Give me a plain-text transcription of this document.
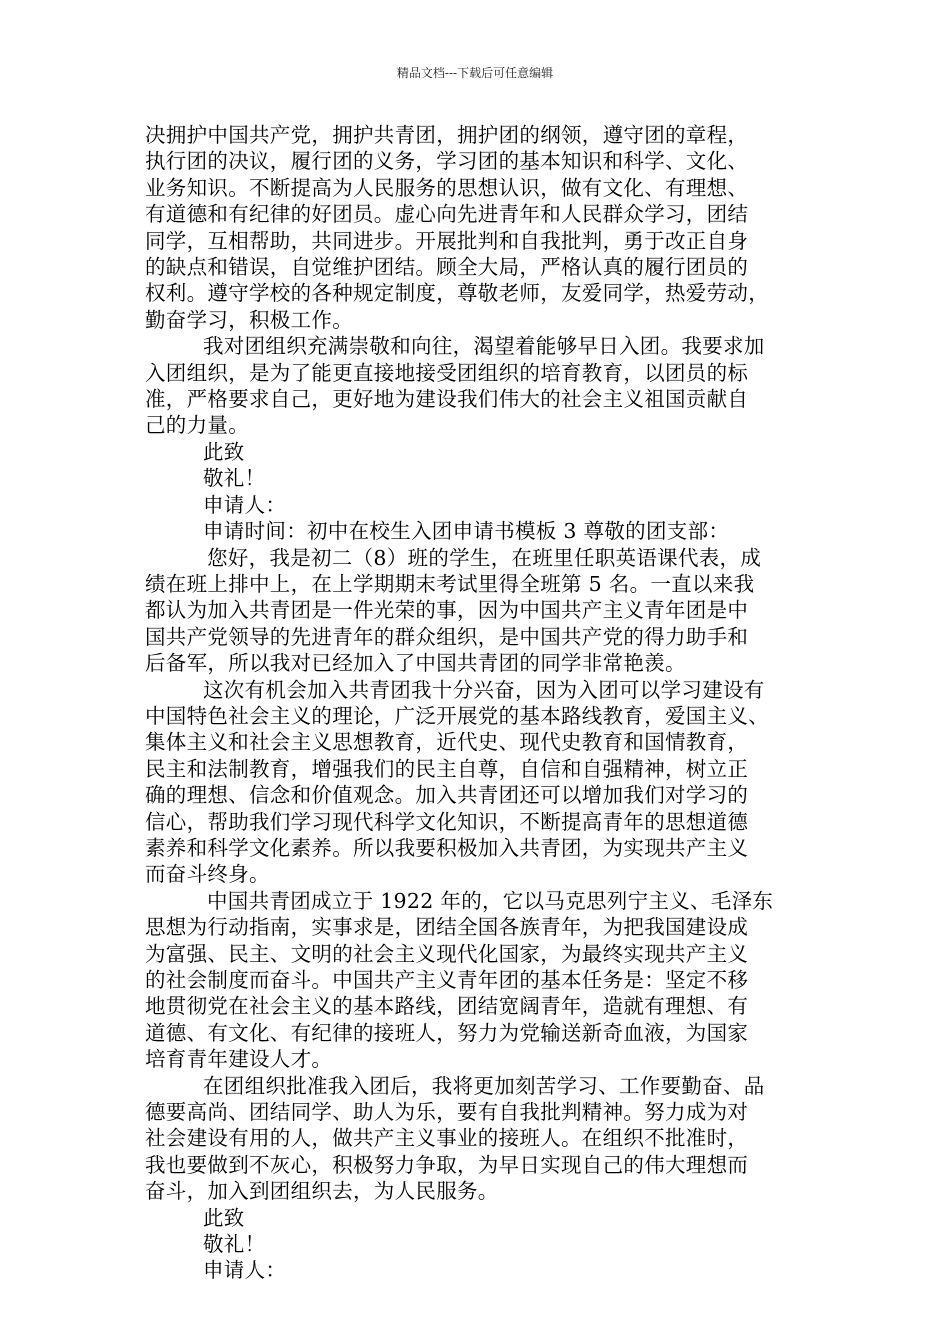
精品文档---下载后可任意编辑

决拥护中国共产党，拥护共青团，拥护团的纲领，遵守团的章程，
执行团的决议，履行团的义务，学习团的基本知识和科学、文化、
业务知识。不断提高为人民服务的思想认识，做有文化、有理想、
有道德和有纪律的好团员。虚心向先进青年和人民群众学习，团结
同学，互相帮助，共同进步。开展批判和自我批判，勇于改正自身
的缺点和错误，自觉维护团结。顾全大局，严格认真的履行团员的
权利。遵守学校的各种规定制度，尊敬老师，友爱同学，热爱劳动，
勤奋学习，积极工作。

我对团组织充满崇敬和向往，渴望着能够早日入团。我要求加
入团组织，是为了能更直接地接受团组织的培育教育，以团员的标
准，严格要求自己，更好地为建设我们伟大的社会主义祖国贡献自
己的力量。

此致
敬礼！
申请人：
申请时间：初中在校生入团申请书模板 3 尊敬的团支部：

您好，我是初二（8）班的学生，在班里任职英语课代表，成
绩在班上排中上，在上学期期末考试里得全班第 5 名。一直以来我
都认为加入共青团是一件光荣的事，因为中国共产主义青年团是中
国共产党领导的先进青年的群众组织，是中国共产党的得力助手和
后备军，所以我对已经加入了中国共青团的同学非常艳羡。

这次有机会加入共青团我十分兴奋，因为入团可以学习建设有
中国特色社会主义的理论，广泛开展党的基本路线教育，爱国主义、
集体主义和社会主义思想教育，近代史、现代史教育和国情教育，
民主和法制教育，增强我们的民主自尊，自信和自强精神，树立正
确的理想、信念和价值观念。加入共青团还可以增加我们对学习的
信心，帮助我们学习现代科学文化知识，不断提高青年的思想道德
素养和科学文化素养。所以我要积极加入共青团，为实现共产主义
而奋斗终身。

中国共青团成立于 1922 年的，它以马克思列宁主义、毛泽东
思想为行动指南，实事求是，团结全国各族青年，为把我国建设成
为富强、民主、文明的社会主义现代化国家，为最终实现共产主义
的社会制度而奋斗。中国共产主义青年团的基本任务是：坚定不移
地贯彻党在社会主义的基本路线，团结宽阔青年，造就有理想、有
道德、有文化、有纪律的接班人，努力为党输送新奇血液，为国家
培育青年建设人才。

在团组织批准我入团后，我将更加刻苦学习、工作要勤奋、品
德要高尚、团结同学、助人为乐，要有自我批判精神。努力成为对
社会建设有用的人，做共产主义事业的接班人。在组织不批准时，
我也要做到不灰心，积极努力争取，为早日实现自己的伟大理想而
奋斗，加入到团组织去，为人民服务。

此致
敬礼！
申请人：
